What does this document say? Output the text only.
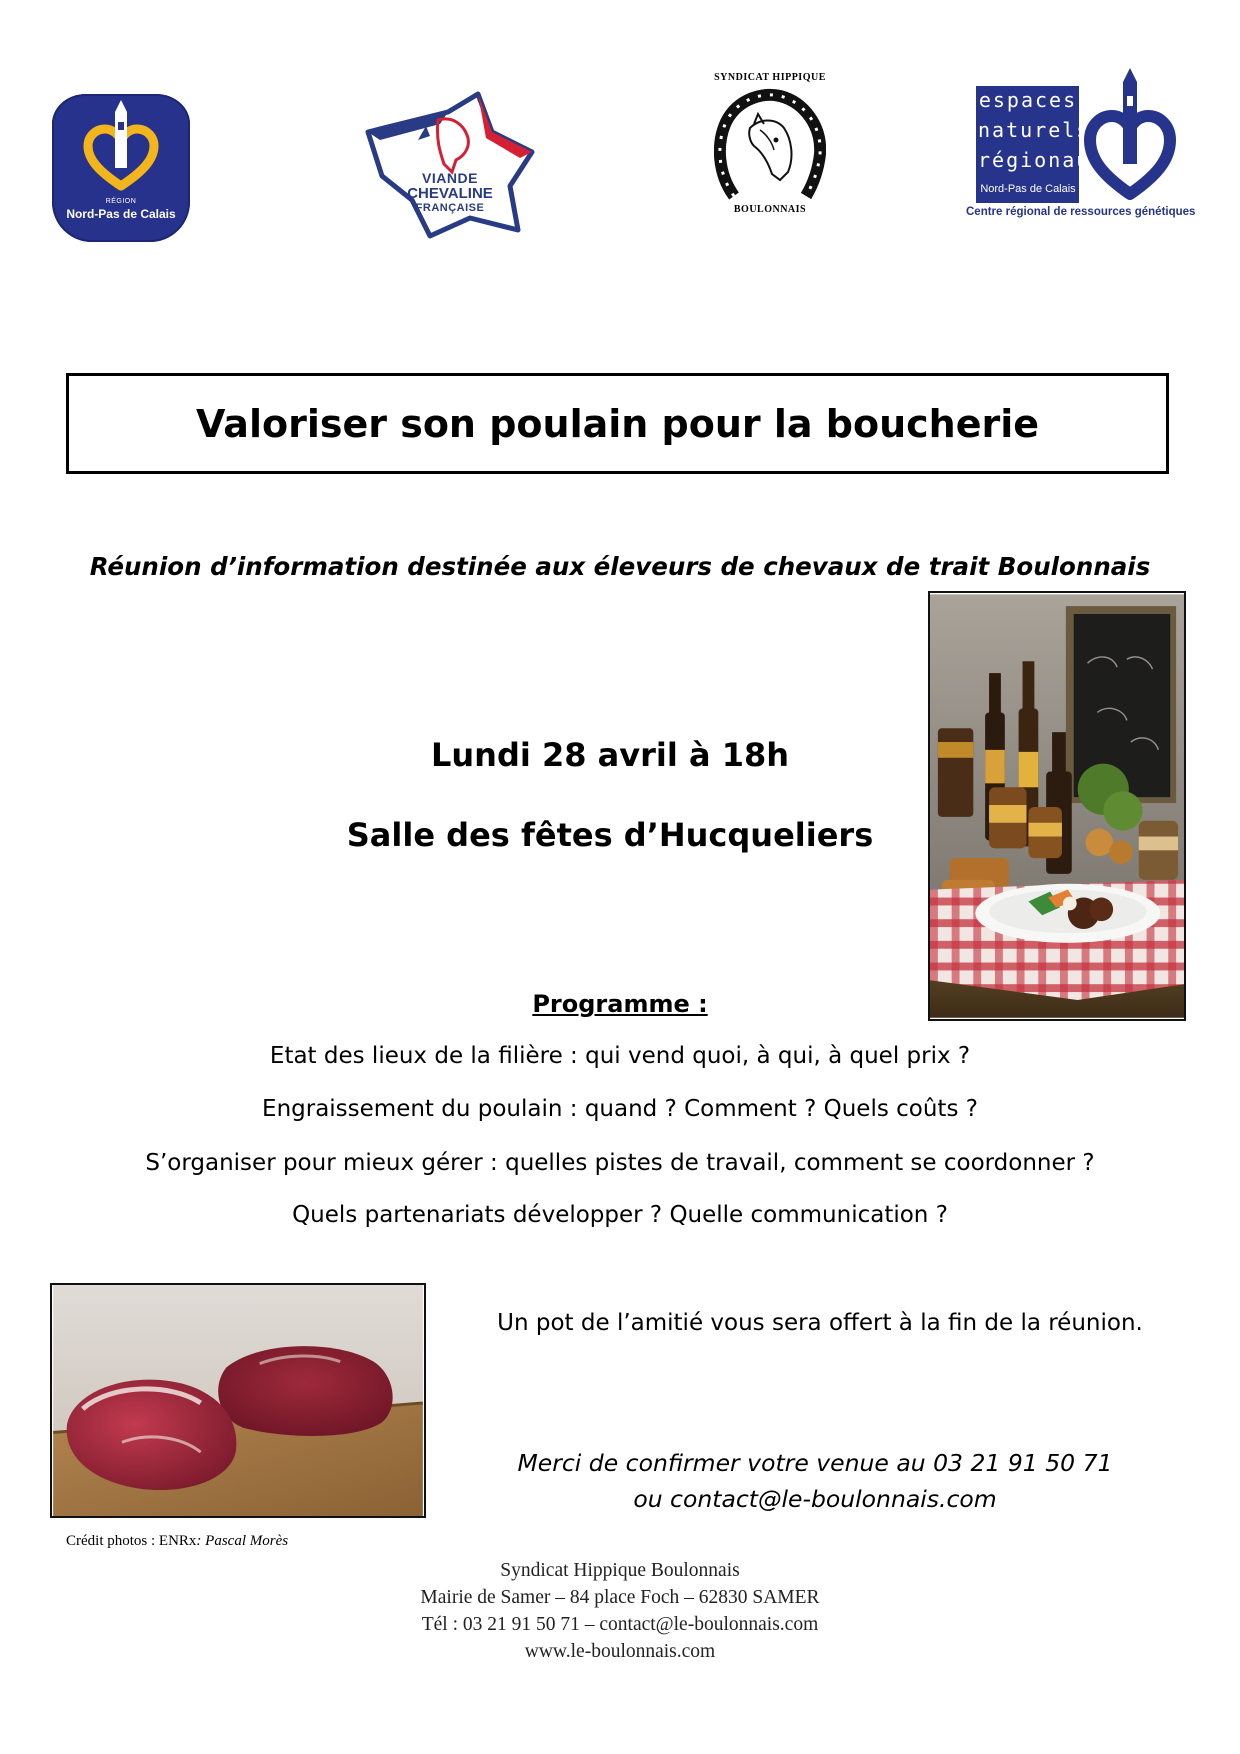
RÉGION
Nord-Pas de Calais
VIANDE
CHEVALINE
FRANÇAISE
SYNDICAT HIPPIQUE
BOULONNAIS
espaces
naturels
régionaux
Nord-Pas de Calais
Centre régional de ressources génétiques
Valoriser son poulain pour la boucherie
Réunion d’information destinée aux éleveurs de chevaux de trait Boulonnais
Lundi 28 avril à 18h
Salle des fêtes d’Hucqueliers
Programme :
Etat des lieux de la filière : qui vend quoi, à qui, à quel prix ?
Engraissement du poulain : quand ? Comment ? Quels coûts ?
S’organiser pour mieux gérer : quelles pistes de travail, comment se coordonner ?
Quels partenariats développer ? Quelle communication ?
Un pot de l’amitié vous sera offert à la fin de la réunion.
Merci de confirmer votre venue au 03 21 91 50 71
ou contact@le-boulonnais.com
Crédit photos : ENRx: Pascal Morès
Syndicat Hippique Boulonnais
Mairie de Samer – 84 place Foch – 62830 SAMER
Tél : 03 21 91 50 71 – contact@le-boulonnais.com
www.le-boulonnais.com
